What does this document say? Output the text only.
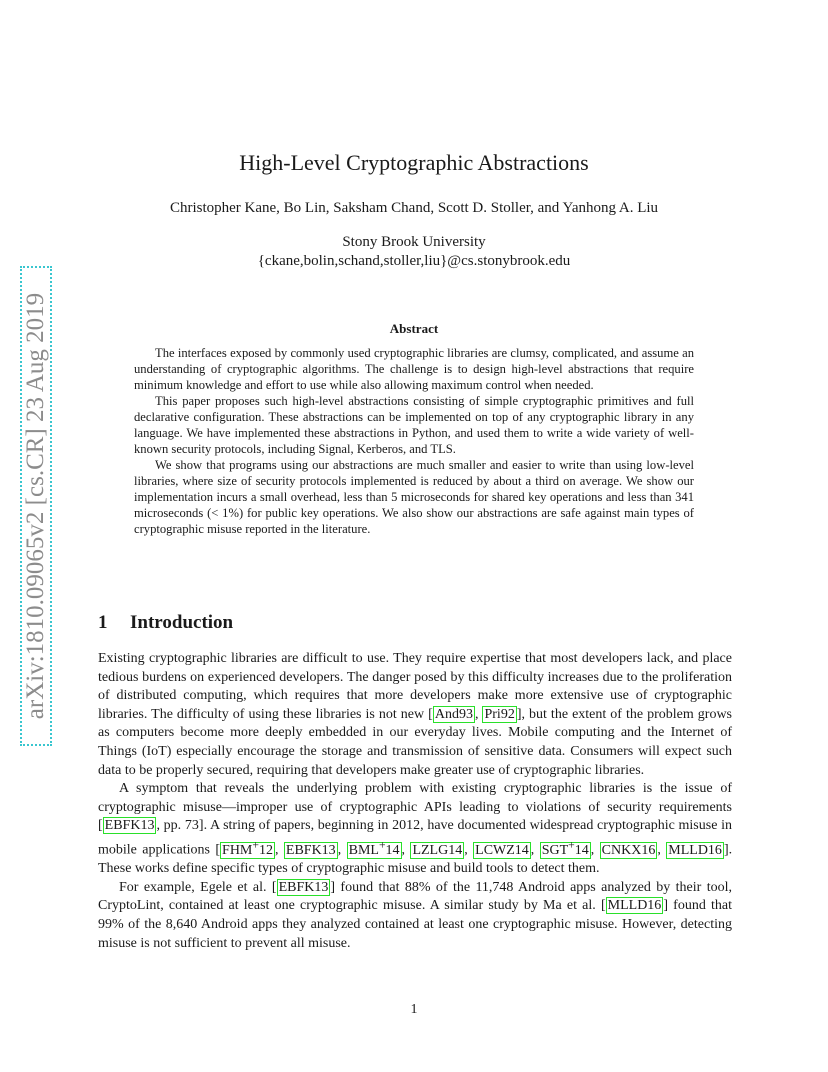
arXiv:1810.09065v2 [cs.CR] 23 Aug 2019
High-Level Cryptographic Abstractions
Christopher Kane, Bo Lin, Saksham Chand, Scott D. Stoller, and Yanhong A. Liu
Stony Brook University
{ckane,bolin,schand,stoller,liu}@cs.stonybrook.edu
Abstract

The interfaces exposed by commonly used cryptographic libraries are clumsy, complicated, and assume an understanding of cryptographic algorithms. The challenge is to design high-level abstractions that require minimum knowledge and effort to use while also allowing maximum control when needed.

This paper proposes such high-level abstractions consisting of simple cryptographic primitives and full declarative configuration. These abstractions can be implemented on top of any cryptographic library in any language. We have implemented these abstractions in Python, and used them to write a wide variety of well-known security protocols, including Signal, Kerberos, and TLS.

We show that programs using our abstractions are much smaller and easier to write than using low-level libraries, where size of security protocols implemented is reduced by about a third on average. We show our implementation incurs a small overhead, less than 5 microseconds for shared key operations and less than 341 microseconds (< 1%) for public key operations. We also show our abstractions are safe against main types of cryptographic misuse reported in the literature.

1 Introduction

Existing cryptographic libraries are difficult to use. They require expertise that most developers lack, and place tedious burdens on experienced developers. The danger posed by this difficulty increases due to the proliferation of distributed computing, which requires that more developers make more extensive use of cryptographic libraries. The difficulty of using these libraries is not new [ And93 , Pri92 ], but the extent of the problem grows as computers become more deeply embedded in our everyday lives. Mobile computing and the Internet of Things (IoT) especially encourage the storage and transmission of sensitive data. Consumers will expect such data to be properly secured, requiring that developers make greater use of cryptographic libraries.

A symptom that reveals the underlying problem with existing cryptographic libraries is the issue of cryptographic misuse—improper use of cryptographic APIs leading to violations of security requirements [ EBFK13 , pp. 73]. A string of papers, beginning in 2012, have documented widespread cryptographic misuse in mobile applications [ FHM+12 , EBFK13 , BML+14 , LZLG14 , LCWZ14 , SGT+14 , CNKX16 , MLLD16 ]. These works define specific types of cryptographic misuse and build tools to detect them.

For example, Egele et al. [ EBFK13 ] found that 88% of the 11,748 Android apps analyzed by their tool, CryptoLint, contained at least one cryptographic misuse. A similar study by Ma et al. [ MLLD16 ] found that 99% of the 8,640 Android apps they analyzed contained at least one cryptographic misuse. However, detecting misuse is not sufficient to prevent all misuse.

1
